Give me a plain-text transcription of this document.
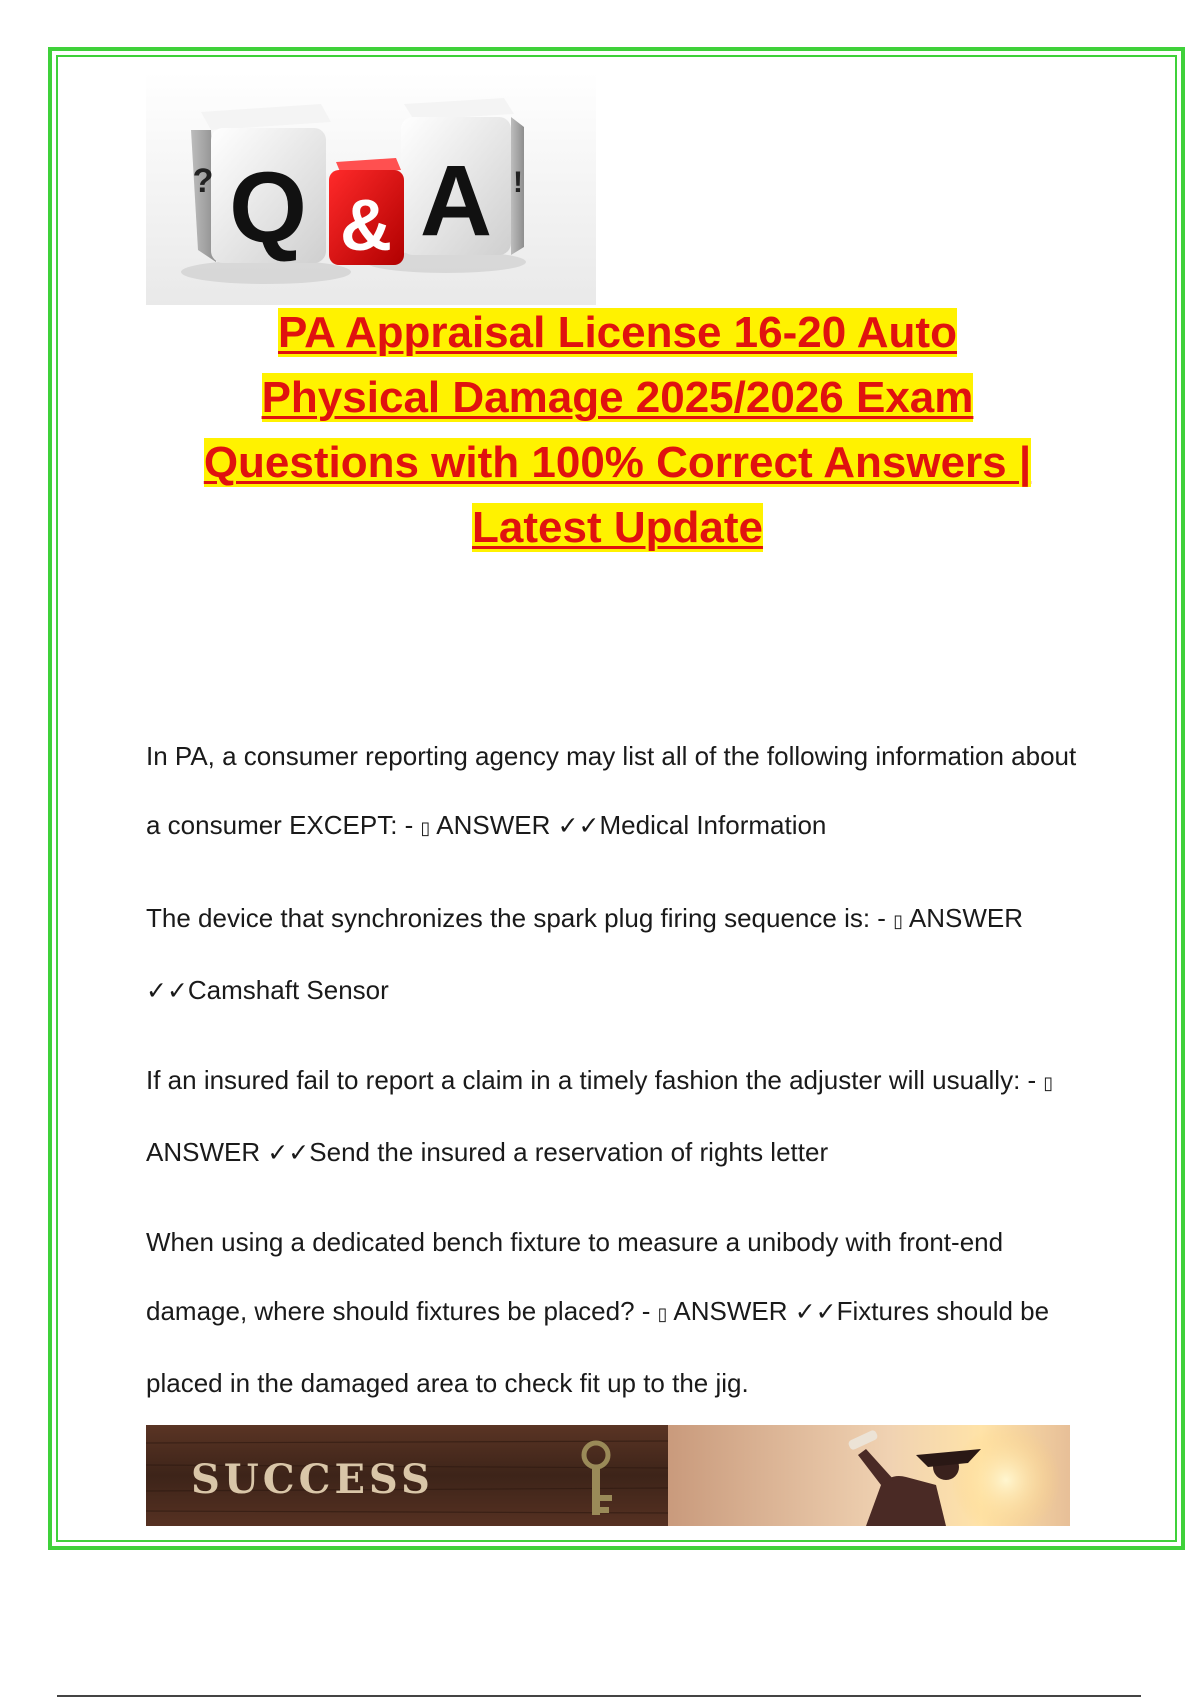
Q
? A !
&
PA Appraisal License 16-20 Auto
Physical Damage 2025/2026 Exam
Questions with 100% Correct Answers |
Latest Update
In PA, a consumer reporting agency may list all of the following information about a consumer EXCEPT: - ▯ ANSWER ✓✓Medical Information
The device that synchronizes the spark plug firing sequence is: - ▯ ANSWER ✓✓Camshaft Sensor
If an insured fail to report a claim in a timely fashion the adjuster will usually: - ▯ ANSWER ✓✓Send the insured a reservation of rights letter
When using a dedicated bench fixture to measure a unibody with front-end damage, where should fixtures be placed? - ▯ ANSWER ✓✓Fixtures should be placed in the damaged area to check fit up to the jig.
SUCCESS
